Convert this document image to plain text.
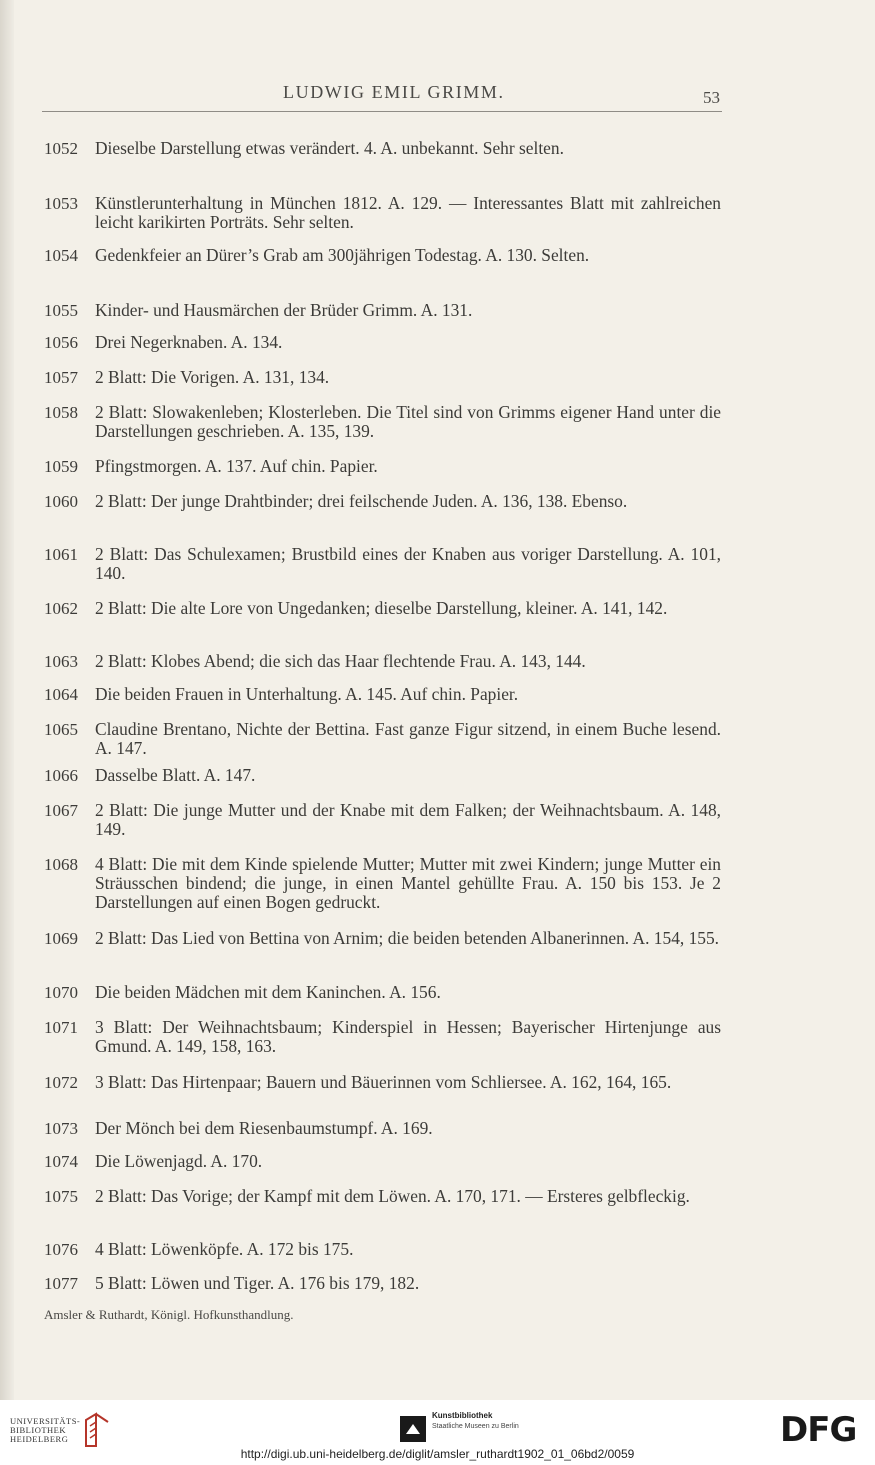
LUDWIG EMIL GRIMM.	53
1052 Dieselbe Darstellung etwas verändert. 4. A. unbekannt. Sehr selten.
1053 Künstlerunterhaltung in München 1812. A. 129. — Interessantes Blatt mit zahlreichen leicht karikirten Porträts. Sehr selten.
1054 Gedenkfeier an Dürer’s Grab am 300jährigen Todestag. A. 130. Selten.
1055 Kinder- und Hausmärchen der Brüder Grimm. A. 131.
1056 Drei Negerknaben. A. 134.
1057 2 Blatt: Die Vorigen. A. 131, 134.
1058 2 Blatt: Slowakenleben; Klosterleben. Die Titel sind von Grimms eigener Hand unter die Darstellungen geschrieben. A. 135, 139.
1059 Pfingstmorgen. A. 137. Auf chin. Papier.
1060 2 Blatt: Der junge Drahtbinder; drei feilschende Juden. A. 136, 138. Ebenso.
1061 2 Blatt: Das Schulexamen; Brustbild eines der Knaben aus voriger Darstellung. A. 101, 140.
1062 2 Blatt: Die alte Lore von Ungedanken; dieselbe Darstellung, kleiner. A. 141, 142.
1063 2 Blatt: Klobes Abend; die sich das Haar flechtende Frau. A. 143, 144.
1064 Die beiden Frauen in Unterhaltung. A. 145. Auf chin. Papier.
1065 Claudine Brentano, Nichte der Bettina. Fast ganze Figur sitzend, in einem Buche lesend. A. 147.
1066 Dasselbe Blatt. A. 147.
1067 2 Blatt: Die junge Mutter und der Knabe mit dem Falken; der Weihnachtsbaum. A. 148, 149.
1068 4 Blatt: Die mit dem Kinde spielende Mutter; Mutter mit zwei Kindern; junge Mutter ein Sträusschen bindend; die junge, in einen Mantel gehüllte Frau. A. 150 bis 153. Je 2 Darstellungen auf einen Bogen gedruckt.
1069 2 Blatt: Das Lied von Bettina von Arnim; die beiden betenden Albanerinnen. A. 154, 155.
1070 Die beiden Mädchen mit dem Kaninchen. A. 156.
1071 3 Blatt: Der Weihnachtsbaum; Kinderspiel in Hessen; Bayerischer Hirtenjunge aus Gmund. A. 149, 158, 163.
1072 3 Blatt: Das Hirtenpaar; Bauern und Bäuerinnen vom Schliersee. A. 162, 164, 165.
1073 Der Mönch bei dem Riesenbaumstumpf. A. 169.
1074 Die Löwenjagd. A. 170.
1075 2 Blatt: Das Vorige; der Kampf mit dem Löwen. A. 170, 171. — Ersteres gelbfleckig.
1076 4 Blatt: Löwenköpfe. A. 172 bis 175.
1077 5 Blatt: Löwen und Tiger. A. 176 bis 179, 182.
Amsler & Ruthardt, Königl. Hofkunsthandlung.
UNIVERSITÄTS-
BIBLIOTHEK
HEIDELBERG
Kunstbibliothek
Staatliche Museen zu Berlin	DFG
http://digi.ub.uni-heidelberg.de/diglit/amsler_ruthardt1902_01_06bd2/0059
